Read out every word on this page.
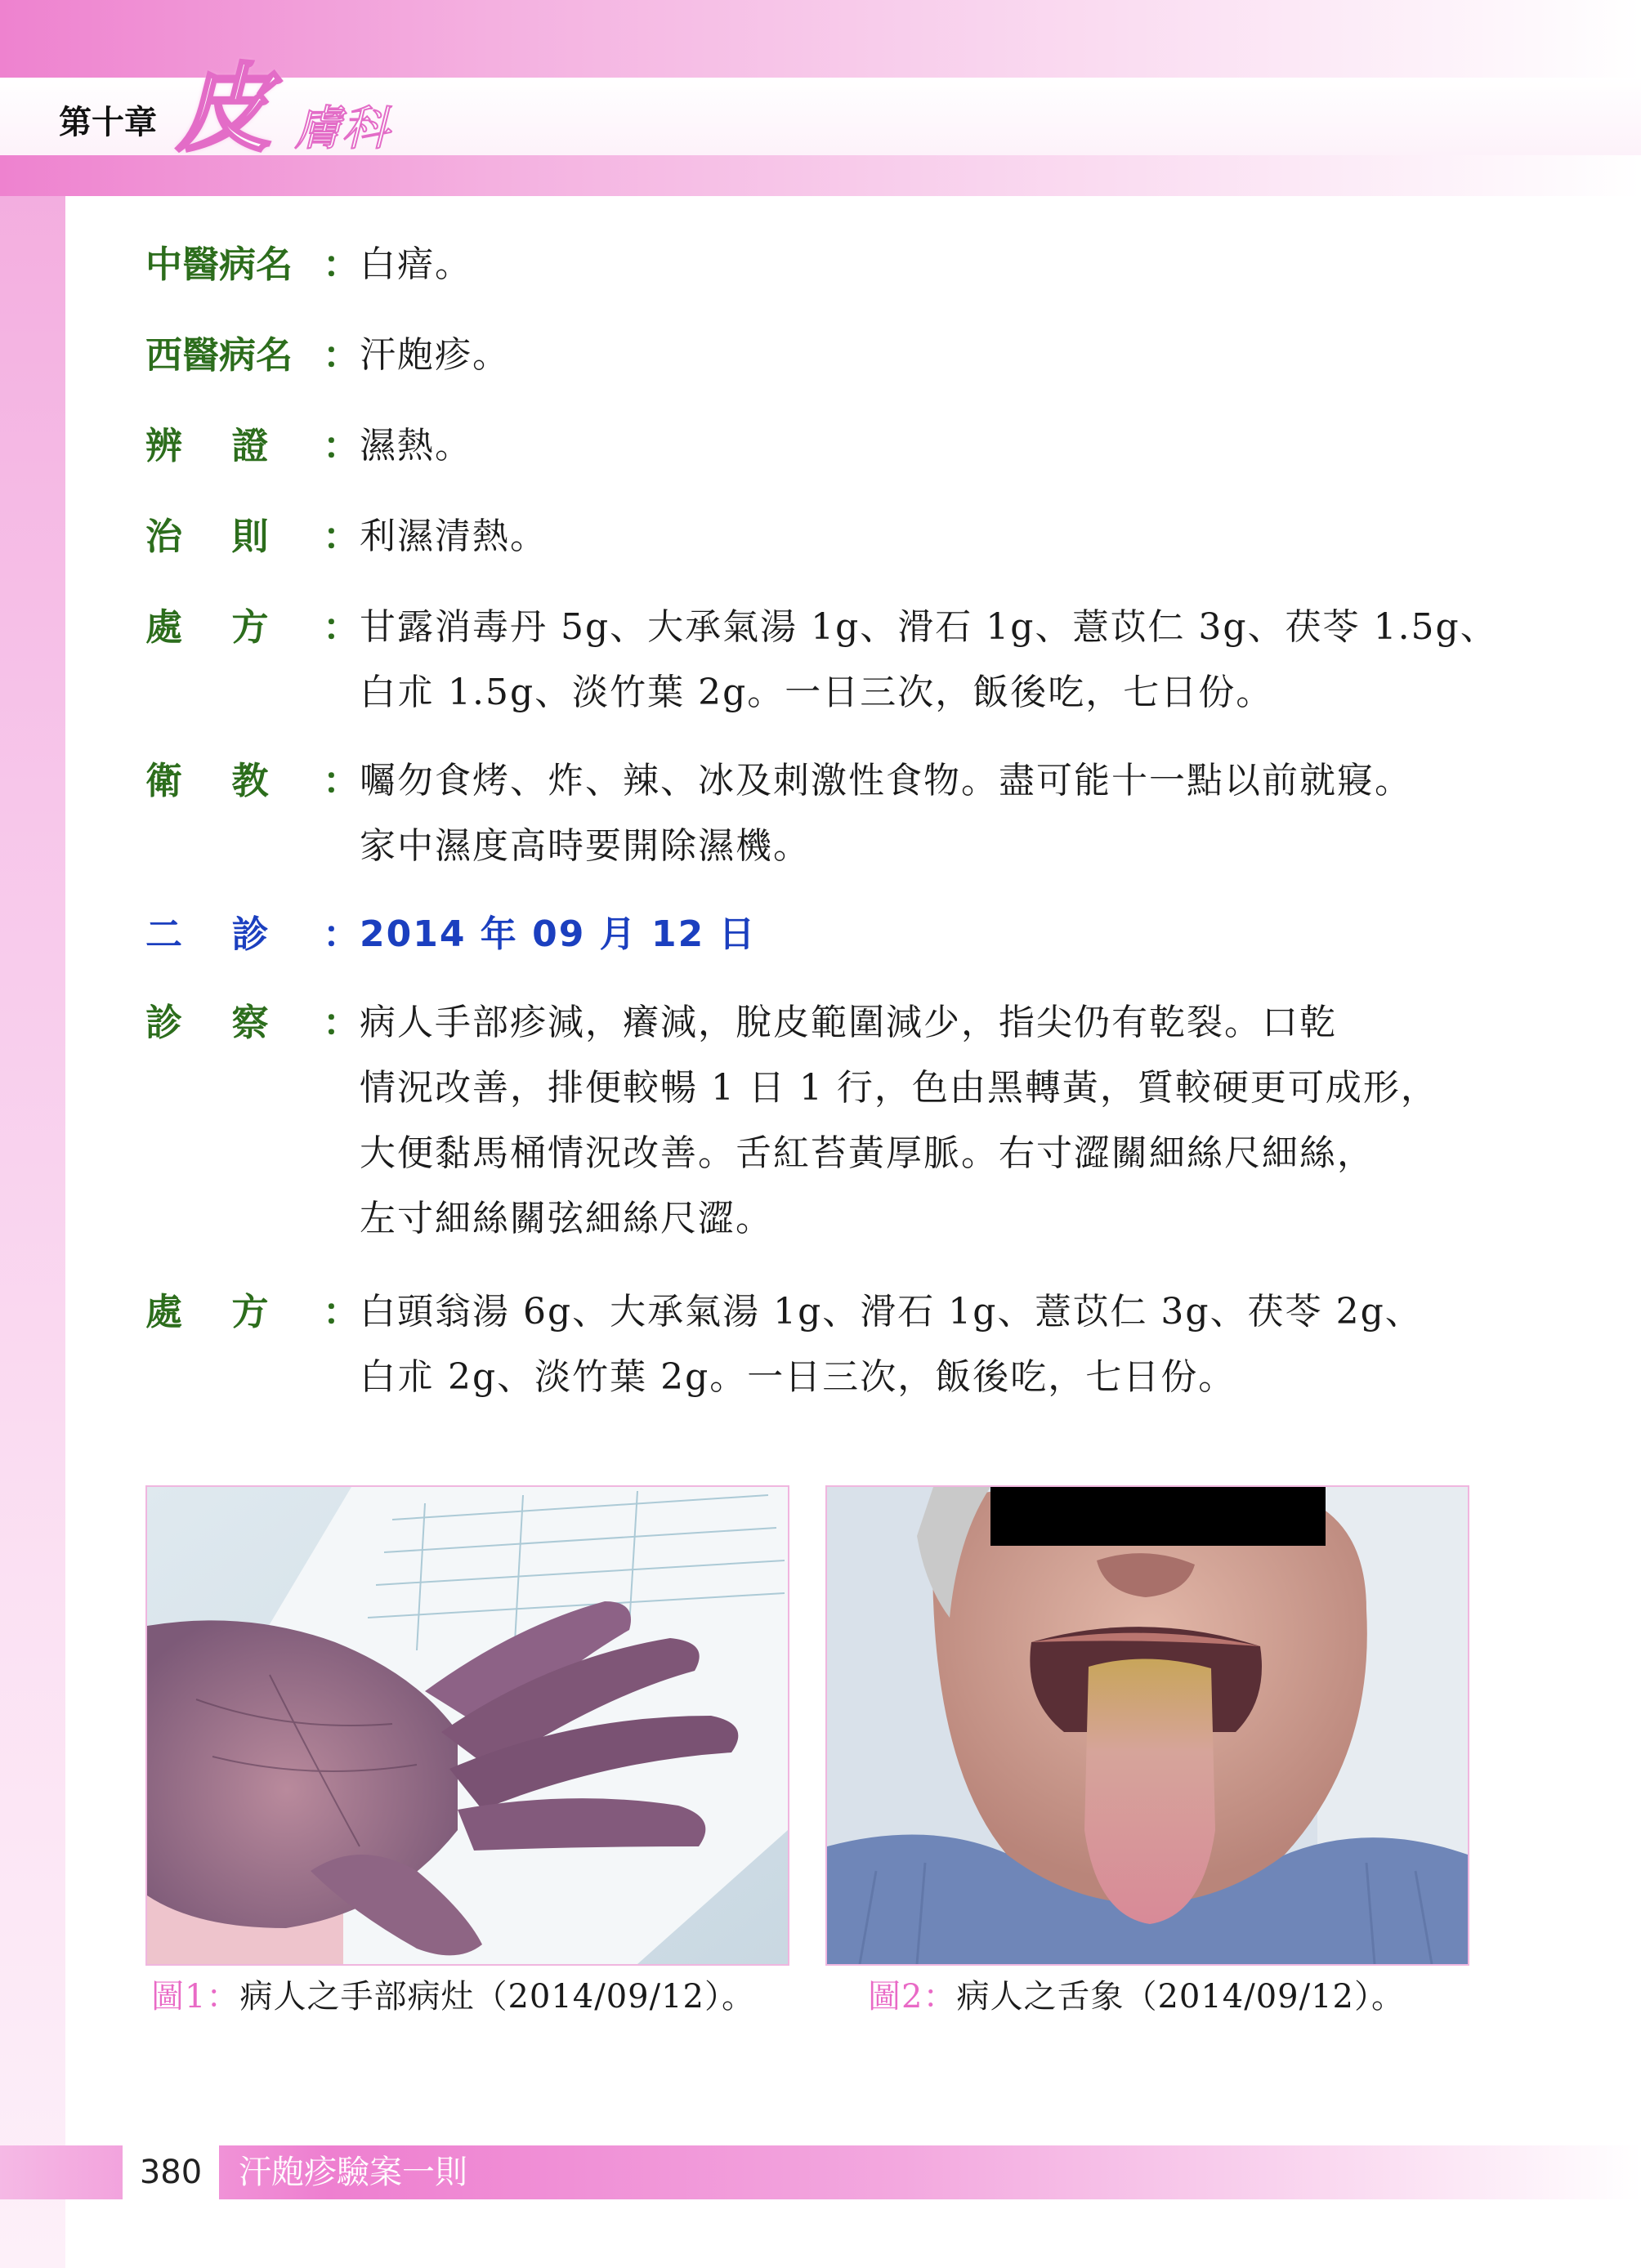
第十章 皮 膚科
中醫病名 ： 白瘖。

西醫病名 ： 汗皰疹。

辨 證 ： 濕熱。

治 則 ： 利濕清熱。

處 方 ： 甘露消毒丹 5g、大承氣湯 1g、滑石 1g、薏苡仁 3g、茯苓 1.5g、

白朮 1.5g、淡竹葉 2g。一日三次，飯後吃，七日份。

衛 教 ： 囑勿食烤、炸、辣、冰及刺激性食物。盡可能十一點以前就寢。

家中濕度高時要開除濕機。

二 診 ： 2014 年 09 月 12 日

診 察 ： 病人手部疹減，癢減，脫皮範圍減少，指尖仍有乾裂。口乾

情況改善，排便較暢 1 日 1 行，色由黑轉黃，質較硬更可成形，

大便黏馬桶情況改善。舌紅苔黃厚脈。右寸澀關細絲尺細絲，

左寸細絲關弦細絲尺澀。

處 方 ： 白頭翁湯 6g、大承氣湯 1g、滑石 1g、薏苡仁 3g、茯苓 2g、

白朮 2g、淡竹葉 2g。一日三次，飯後吃，七日份。

圖1：病人之手部病灶（2014/09/12）。	圖2：病人之舌象（2014/09/12）。
380	汗皰疹驗案一則
